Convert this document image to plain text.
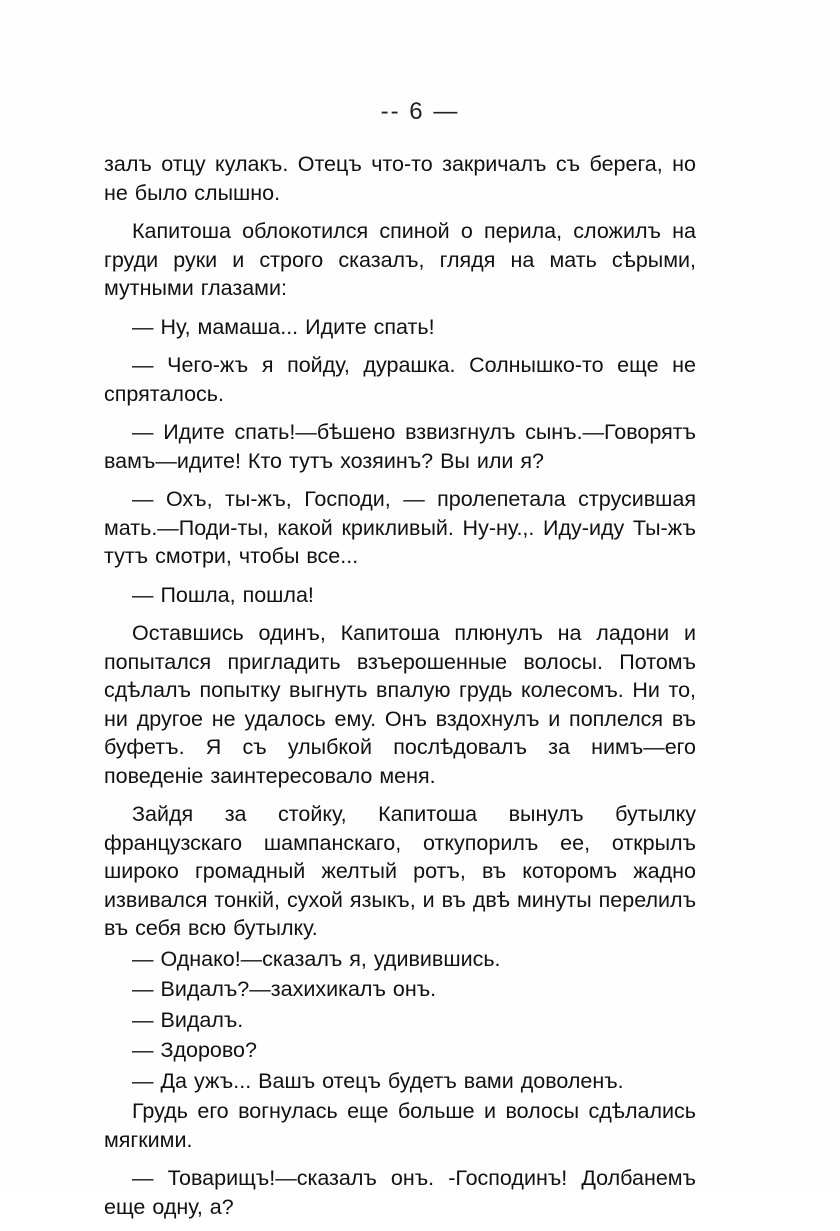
-- 6 —

залъ отцу кулакъ. Отецъ что-то закричалъ съ берега, но не было слышно.

Капитоша облокотился спиной о перила, сложилъ на груди руки и строго сказалъ, глядя на мать сѣрыми, мутными глазами:

— Ну, мамаша... Идите спать!

— Чего-жъ я пойду, дурашка. Солнышко-то еще не спряталось.

— Идите спать!—бѣшено взвизгнулъ сынъ.—Говорятъ вамъ—идите! Кто тутъ хозяинъ? Вы или я?

— Охъ, ты-жъ, Господи, — пролепетала струсившая мать.—Поди-ты, какой крикливый. Ну-ну.,. Иду-иду Ты-жъ тутъ смотри, чтобы все...

— Пошла, пошла!

Оставшись одинъ, Капитоша плюнулъ на ладони и попытался пригладить взъерошенные волосы. Потомъ сдѣлалъ попытку выгнуть впалую грудь колесомъ. Ни то, ни другое не удалось ему. Онъ вздохнулъ и поплелся въ буфетъ. Я съ улыбкой послѣдовалъ за нимъ—его поведенiе заинтересовало меня.

Зайдя за стойку, Капитоша вынулъ бутылку французскаго шампанскаго, откупорилъ ее, открылъ широко громадный желтый ротъ, въ которомъ жадно извивался тонкiй, сухой языкъ, и въ двѣ минуты перелилъ въ себя всю бутылку.

— Однако!—сказалъ я, удивившись.

— Видалъ?—захихикалъ онъ.

— Видалъ.

— Здорово?

— Да ужъ... Вашъ отецъ будетъ вами доволенъ.

Грудь его вогнулась еще больше и волосы сдѣлались мягкими.

— Товарищъ!—сказалъ онъ. -Господинъ! Долбанемъ еще одну, а?
